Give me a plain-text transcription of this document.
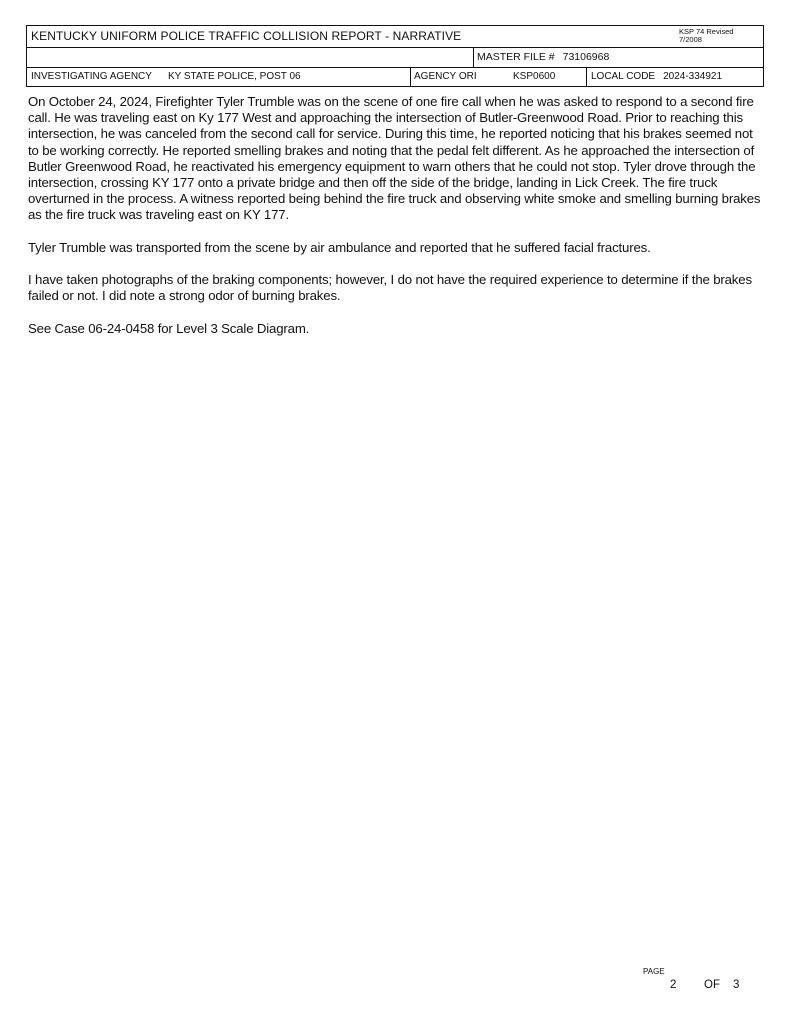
KENTUCKY UNIFORM POLICE TRAFFIC COLLISION REPORT - NARRATIVE	KSP 74 Revised
7/2008
MASTER FILE # 73106968
INVESTIGATING AGENCY KY STATE POLICE, POST 06	AGENCY ORI	KSP0600	LOCAL CODE 2024-334921

On October 24, 2024, Firefighter Tyler Trumble was on the scene of one fire call when he was asked to respond to a second fire call. He was traveling east on Ky 177 West and approaching the intersection of Butler-Greenwood Road. Prior to reaching this intersection, he was canceled from the second call for service. During this time, he reported noticing that his brakes seemed not to be working correctly. He reported smelling brakes and noting that the pedal felt different. As he approached the intersection of Butler Greenwood Road, he reactivated his emergency equipment to warn others that he could not stop. Tyler drove through the intersection, crossing KY 177 onto a private bridge and then off the side of the bridge, landing in Lick Creek. The fire truck overturned in the process. A witness reported being behind the fire truck and observing white smoke and smelling burning brakes as the fire truck was traveling east on KY 177.

Tyler Trumble was transported from the scene by air ambulance and reported that he suffered facial fractures.

I have taken photographs of the braking components; however, I do not have the required experience to determine if the brakes failed or not. I did note a strong odor of burning brakes.

See Case 06-24-0458 for Level 3 Scale Diagram.

PAGE
2 OF 3
